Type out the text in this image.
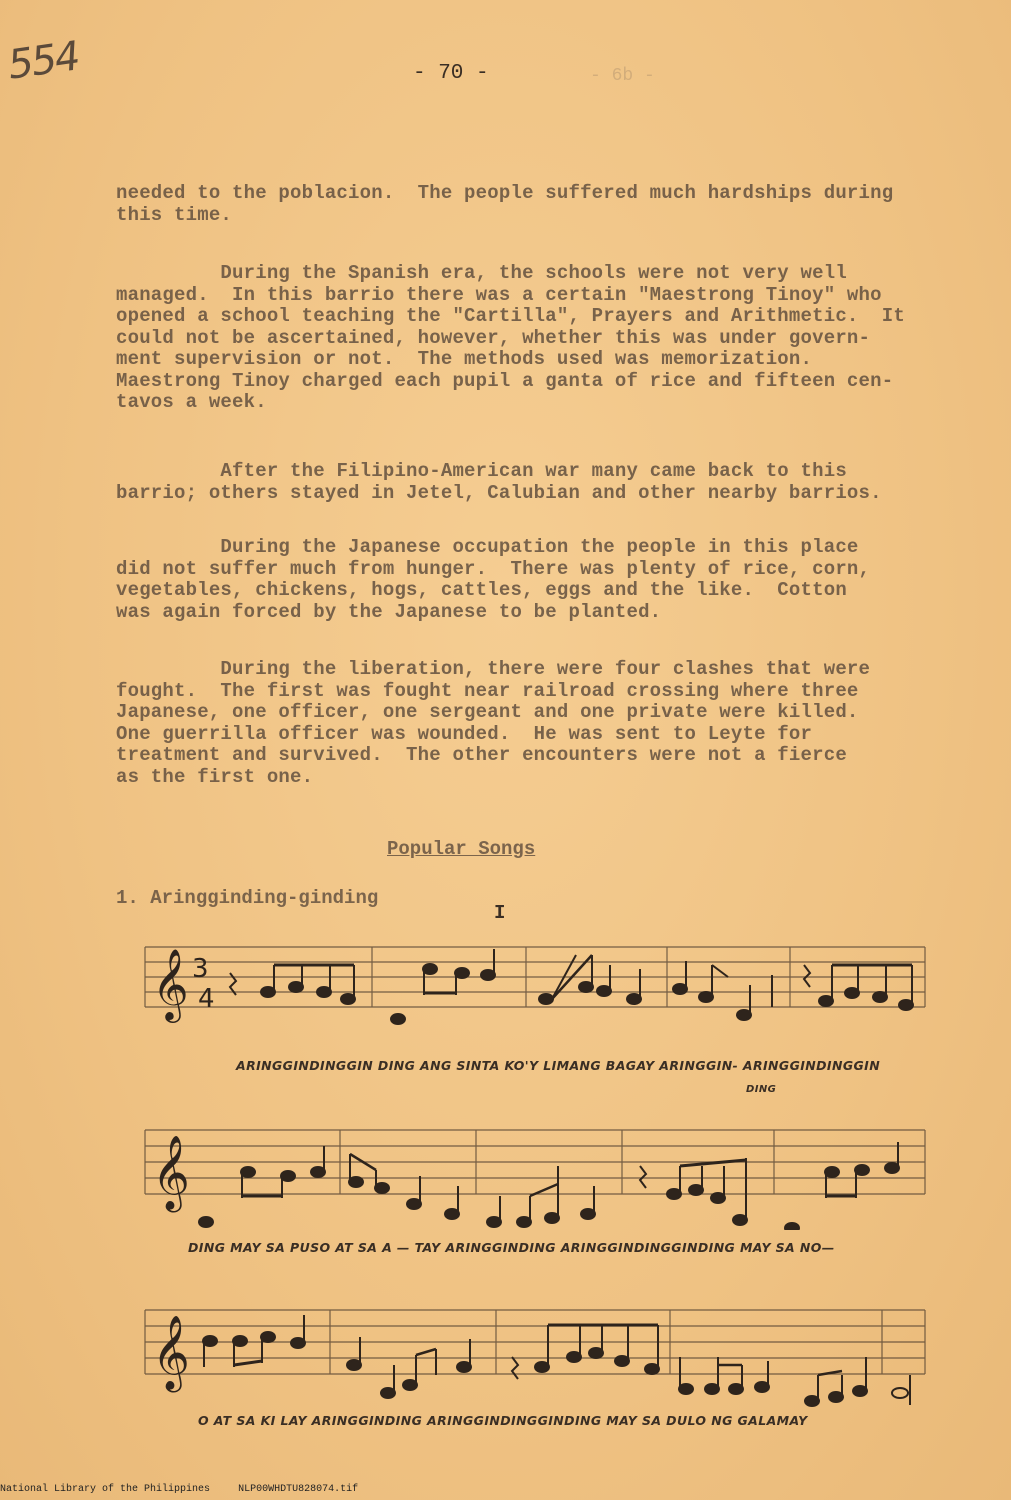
554	- 70 -	- 6b -

needed to the poblacion.  The people suffered much hardships during
this time.

During the Spanish era, the schools were not very well
managed.  In this barrio there was a certain "Maestrong Tinoy" who
opened a school teaching the "Cartilla", Prayers and Arithmetic.  It
could not be ascertained, however, whether this was under govern-
ment supervision or not.  The methods used was memorization.
Maestrong Tinoy charged each pupil a ganta of rice and fifteen cen-
tavos a week.

After the Filipino-American war many came back to this
barrio; others stayed in Jetel, Calubian and other nearby barrios.

During the Japanese occupation the people in this place
did not suffer much from hunger.  There was plenty of rice, corn,
vegetables, chickens, hogs, cattles, eggs and the like.  Cotton
was again forced by the Japanese to be planted.

During the liberation, there were four clashes that were
fought.  The first was fought near railroad crossing where three
Japanese, one officer, one sergeant and one private were killed.
One guerrilla officer was wounded.  He was sent to Leyte for
treatment and survived.  The other encounters were not a fierce
as the first one.

Popular Songs
1. Aringginding-ginding
I
𝄞 3
4
ARINGGINDINGGIN DING ANG SINTA KO'Y LIMANG BAGAY ARINGGIN- ARINGGINDINGGIN
DING
𝄞
DING MAY SA PUSO AT SA A — TAY ARINGGINDING ARINGGINDINGGINDING MAY SA NO—
𝄞
O AT SA KI LAY ARINGGINDING ARINGGINDINGGINDING MAY SA DULO NG GALAMAY
National Library of the Philippines	NLP00WHDTU828074.tif
